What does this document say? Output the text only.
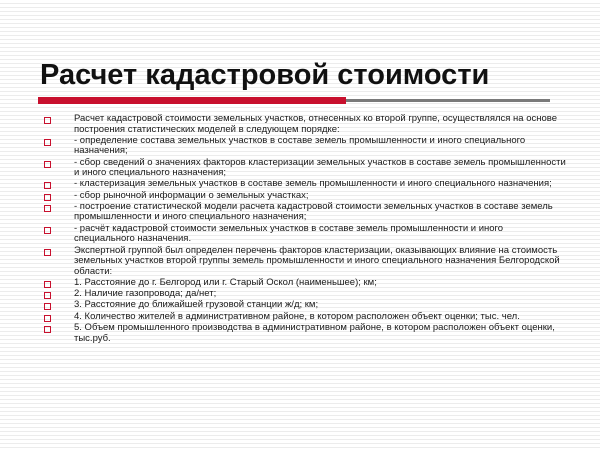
Расчет кадастровой стоимости
Расчет кадастровой стоимости земельных участков, отнесенных ко второй группе, осуществлялся на основе построения статистических моделей в следующем порядке:
- определение состава земельных участков в составе земель промышленности и иного специального назначения;
- сбор сведений о значениях факторов кластеризации земельных участков в составе земель промышленности и иного специального назначения;
- кластеризация земельных участков в составе земель промышленности и иного специального назначения;
- сбор рыночной информации о земельных участках;
- построение статистической модели расчета кадастровой стоимости земельных участков в составе земель промышленности и иного специального назначения;
- расчёт кадастровой стоимости земельных участков в составе земель промышленности и иного специального назначения.
Экспертной группой был определен перечень факторов кластеризации, оказывающих влияние на стоимость земельных участков второй группы земель промышленности и иного специального назначения Белгородской области:
1. Расстояние до г. Белгород или г. Старый Оскол (наименьшее); км;
2. Наличие газопровода; да/нет;
3. Расстояние до ближайшей грузовой станции ж/д; км;
4. Количество жителей в административном районе, в котором расположен объект оценки; тыс. чел.
5. Объем промышленного производства в административном районе, в котором расположен объект оценки, тыс.руб.
